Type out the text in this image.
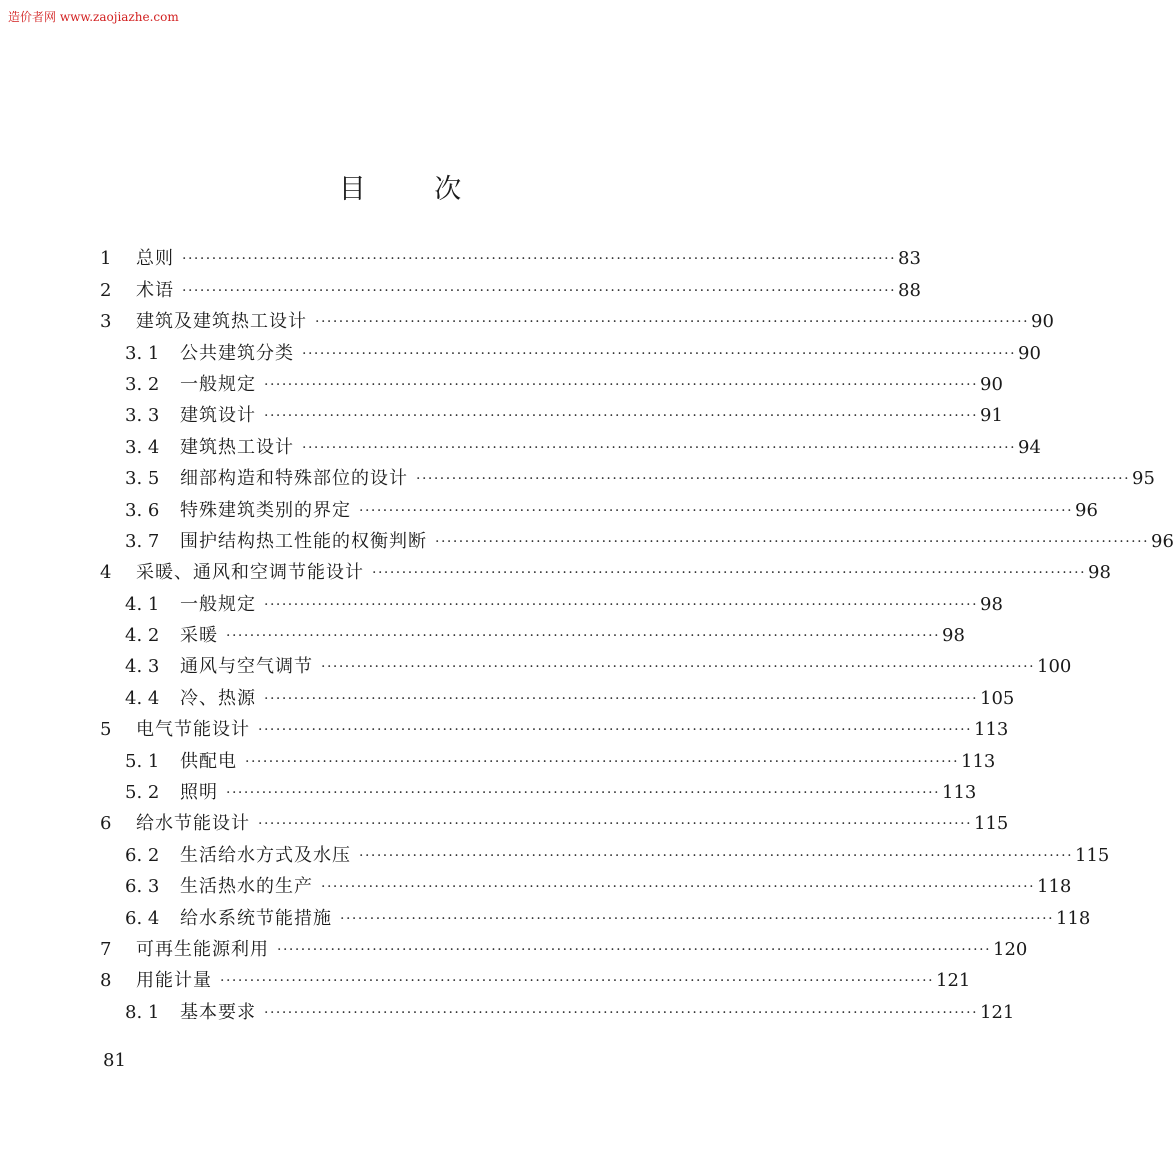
造价者网 www.zaojiazhe.com
目 次
1	总则 ························································································································ 83
2	术语 ························································································································ 88
3	建筑及建筑热工设计 ························································································································ 90
3. 1	公共建筑分类 ························································································································ 90
3. 2	一般规定 ························································································································ 90
3. 3	建筑设计 ························································································································ 91
3. 4	建筑热工设计 ························································································································ 94
3. 5	细部构造和特殊部位的设计 ························································································································ 95
3. 6	特殊建筑类别的界定 ························································································································ 96
3. 7	围护结构热工性能的权衡判断 ························································································································ 96
4	采暖、通风和空调节能设计 ························································································································ 98
4. 1	一般规定 ························································································································ 98
4. 2	采暖 ························································································································ 98
4. 3	通风与空气调节 ························································································································ 100
4. 4	冷、热源 ························································································································ 105
5	电气节能设计 ························································································································ 113
5. 1	供配电 ························································································································ 113
5. 2	照明 ························································································································ 113
6	给水节能设计 ························································································································ 115
6. 2	生活给水方式及水压 ························································································································ 115
6. 3	生活热水的生产 ························································································································ 118
6. 4	给水系统节能措施 ························································································································ 118
7	可再生能源利用 ························································································································ 120
8	用能计量 ························································································································ 121
8. 1	基本要求 ························································································································ 121
81
